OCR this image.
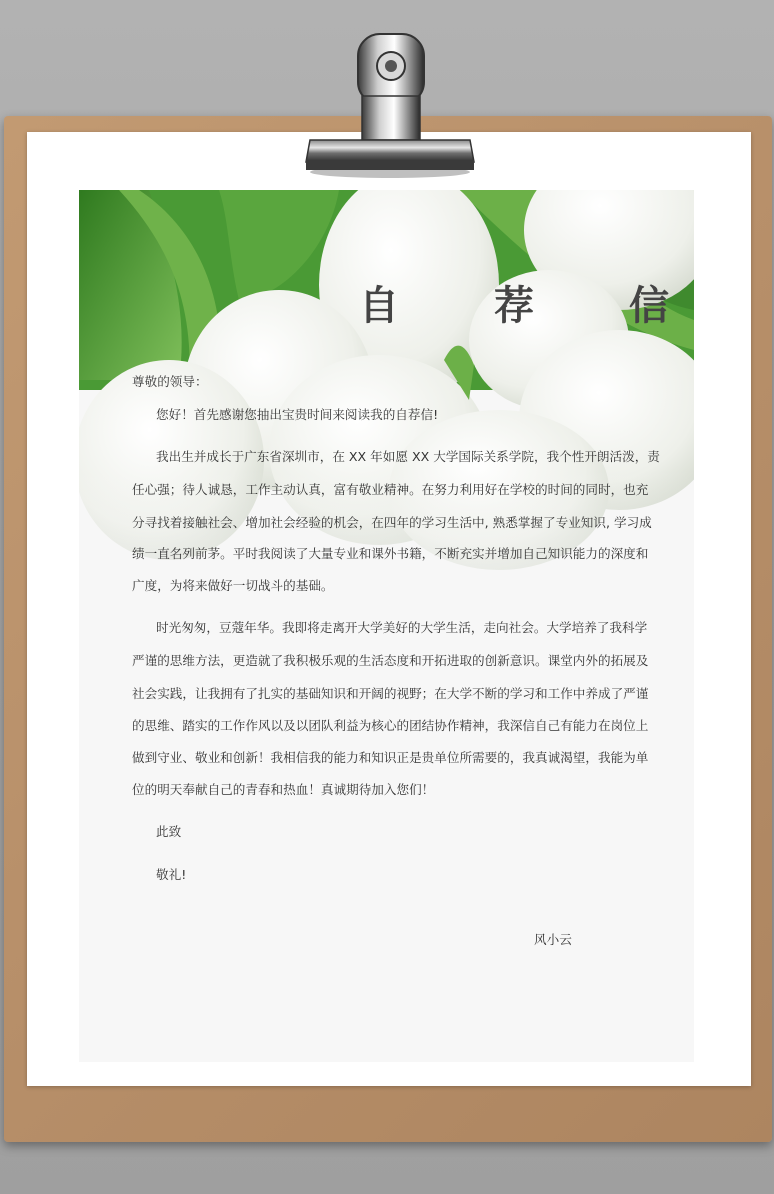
自 荐 信
尊敬的领导：
您好！首先感谢您抽出宝贵时间来阅读我的自荐信!
我出生并成长于广东省深圳市，在 XX 年如愿 XX 大学国际关系学院，我个性开朗活泼，责
任心强；待人诚恳，工作主动认真，富有敬业精神。在努力利用好在学校的时间的同时，也充
分寻找着接触社会、增加社会经验的机会，在四年的学习生活中, 熟悉掌握了专业知识, 学习成
绩一直名列前茅。平时我阅读了大量专业和课外书籍，不断充实并增加自己知识能力的深度和
广度，为将来做好一切战斗的基础。
时光匆匆，豆蔻年华。我即将走离开大学美好的大学生活，走向社会。大学培养了我科学
严谨的思维方法，更造就了我积极乐观的生活态度和开拓进取的创新意识。课堂内外的拓展及
社会实践，让我拥有了扎实的基础知识和开阔的视野；在大学不断的学习和工作中养成了严谨
的思维、踏实的工作作风以及以团队利益为核心的团结协作精神，我深信自己有能力在岗位上
做到守业、敬业和创新！我相信我的能力和知识正是贵单位所需要的，我真诚渴望，我能为单
位的明天奉献自己的青春和热血！真诚期待加入您们！
此致
敬礼!
风小云
